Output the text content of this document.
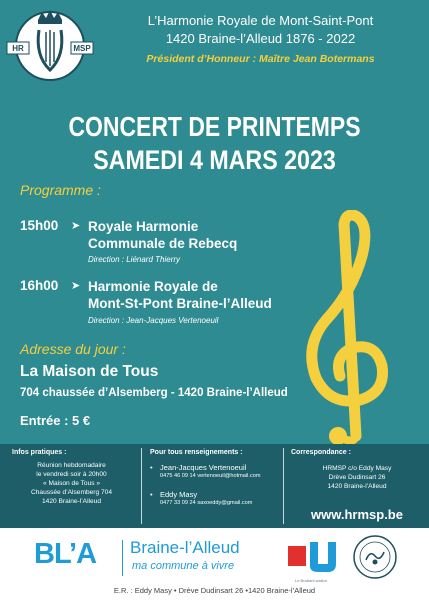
HR	MSP
L’Harmonie Royale de Mont-Saint-Pont
1420 Braine-l’Alleud 1876 - 2022
Président d’Honneur : Maître Jean Botermans
CONCERT DE PRINTEMPS
SAMEDI 4 MARS 2023
Programme :
15h00 ➤ Royale Harmonie
Communale de Rebecq
Direction : Liénard Thierry
16h00 ➤ Harmonie Royale de
Mont-St-Pont Braine-l’Alleud
Direction : Jean-Jacques Vertenoeuil
Adresse du jour :
La Maison de Tous
704 chaussée d’Alsemberg - 1420 Braine-l’Alleud
Entrée : 5 €
Infos pratiques :
Réunion hebdomadaire
le vendredi soir à 20h00
« Maison de Tous »
Chaussée d’Alsemberg 704
1420 Braine-l’Alleud
Pour tous renseignements :
• Jean-Jacques Vertenoeuil
0475 46 09 14 vertenoeuil@hotmail.com
• Eddy Masy
0477 33 09 24 saxoeddy@gmail.com
Correspondance :
HRMSP c/o Eddy Masy
Drève Dudinsart 26
1420 Braine-l’Alleud
www.hrmsp.be
BL’A Braine-l’Alleud
ma commune à vivre
Le Brabant wallon
E.R. : Eddy Masy • Drève Dudinsart 26 •1420 Braine-l’Alleud
